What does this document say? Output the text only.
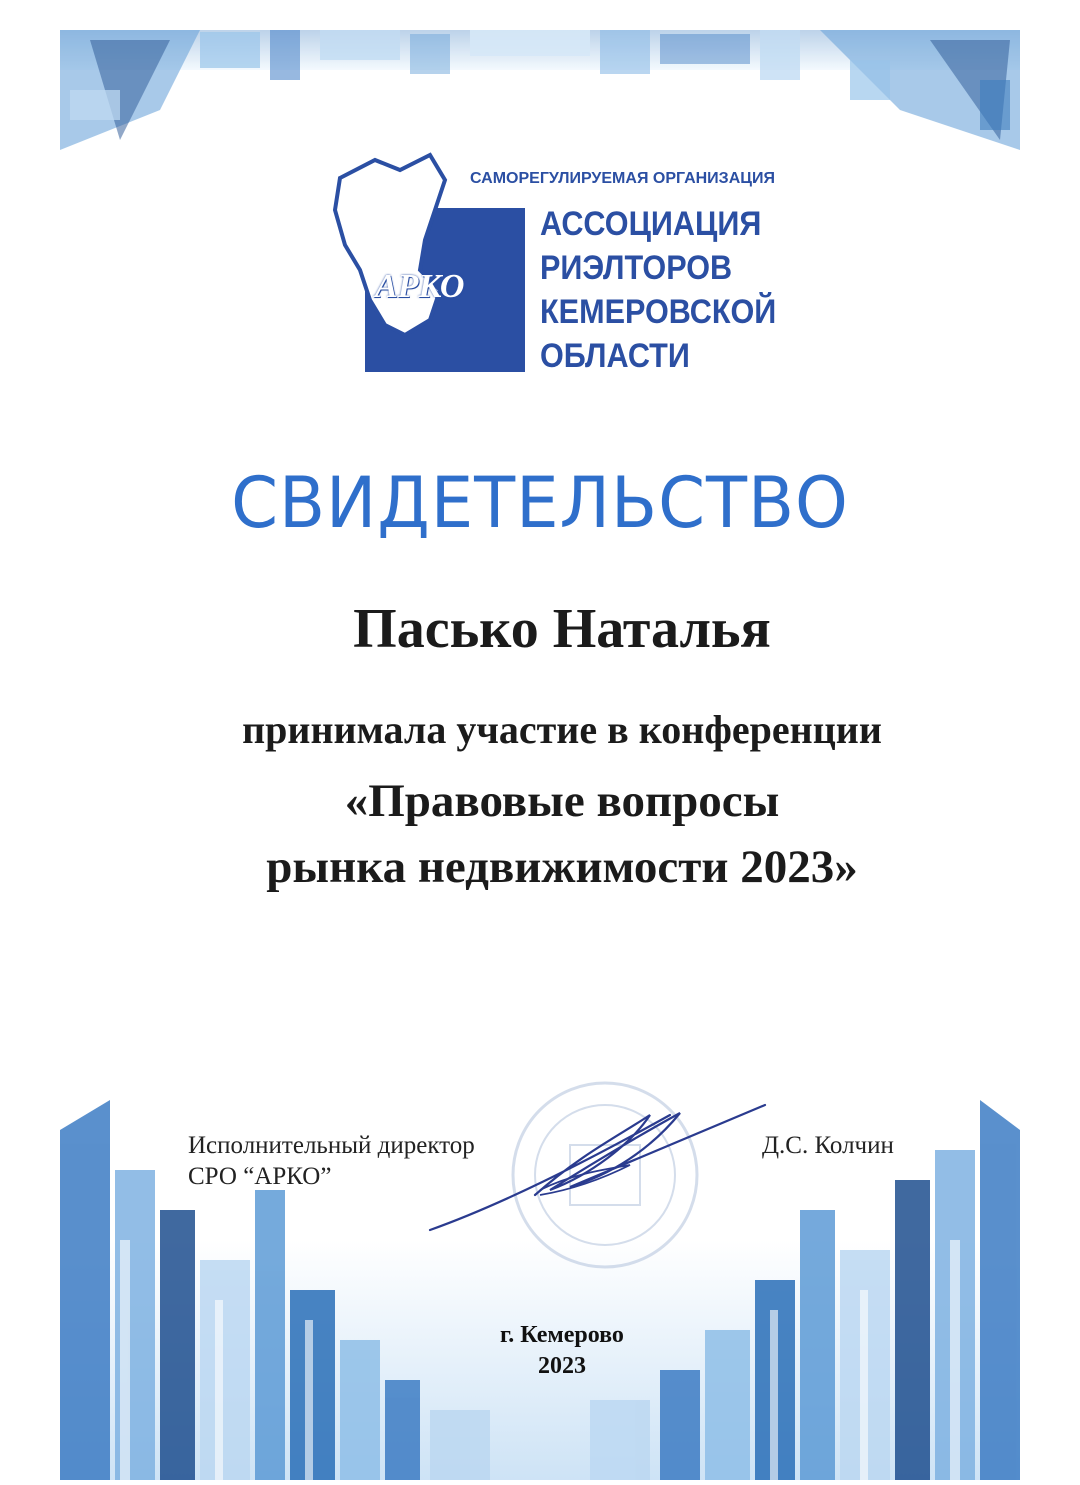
АРКО
САМОРЕГУЛИРУЕМАЯ ОРГАНИЗАЦИЯ
АССОЦИАЦИЯ
РИЭЛТОРОВ
КЕМЕРОВСКОЙ
ОБЛАСТИ
СВИДЕТЕЛЬСТВО
Пасько Наталья
принимала участие в конференции
«Правовые вопросы
рынка недвижимости 2023»
Исполнительный директор
СРО “АРКО”
Д.С. Колчин
г. Кемерово
2023
